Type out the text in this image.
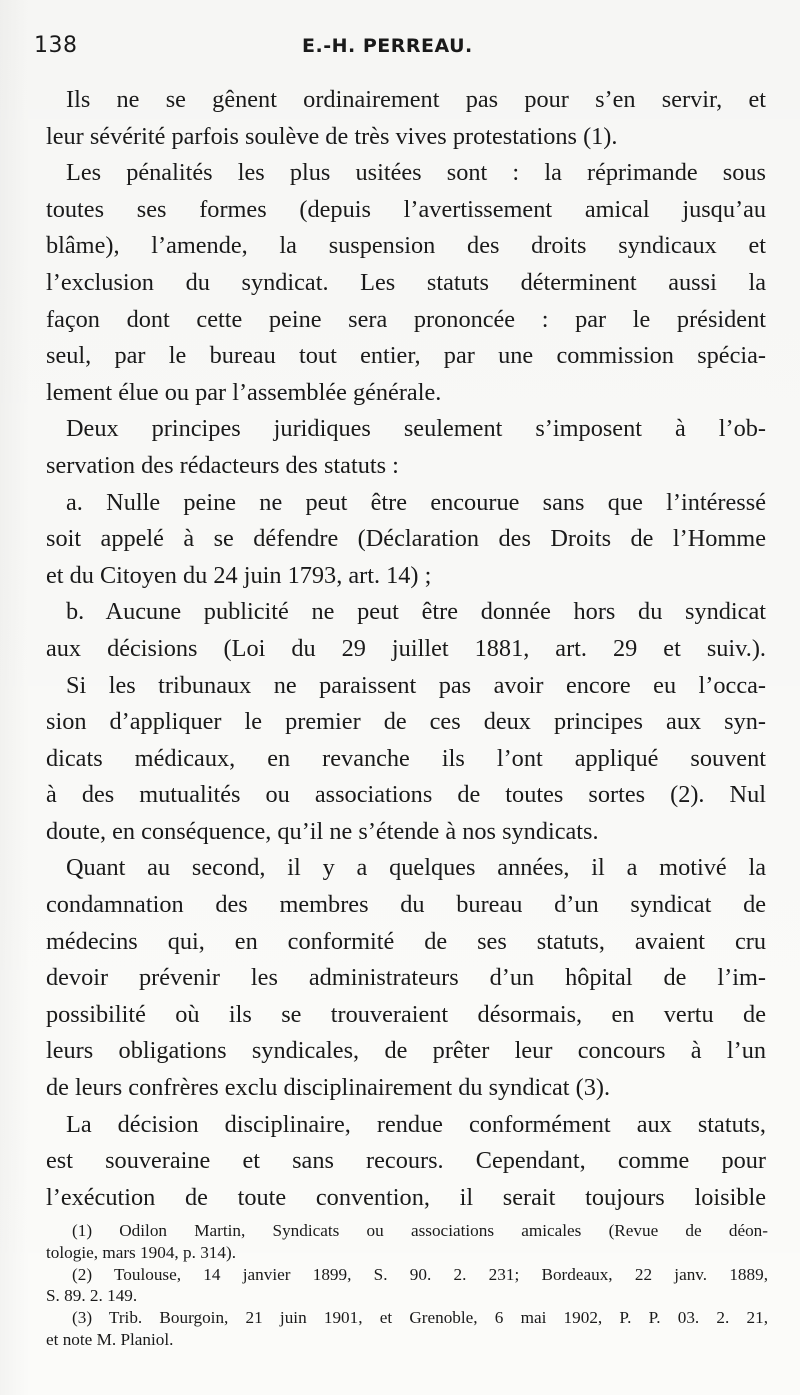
138	E.-H. PERREAU.
Ils ne se gênent ordinairement pas pour s’en servir, et
leur sévérité parfois soulève de très vives protestations (1).
Les pénalités les plus usitées sont : la réprimande sous
toutes ses formes (depuis l’avertissement amical jusqu’au
blâme), l’amende, la suspension des droits syndicaux et
l’exclusion du syndicat. Les statuts déterminent aussi la
façon dont cette peine sera prononcée : par le président
seul, par le bureau tout entier, par une commission spécia-
lement élue ou par l’assemblée générale.
Deux principes juridiques seulement s’imposent à l’ob-
servation des rédacteurs des statuts :
a. Nulle peine ne peut être encourue sans que l’intéressé
soit appelé à se défendre (Déclaration des Droits de l’Homme
et du Citoyen du 24 juin 1793, art. 14) ;
b. Aucune publicité ne peut être donnée hors du syndicat
aux décisions (Loi du 29 juillet 1881, art. 29 et suiv.).
Si les tribunaux ne paraissent pas avoir encore eu l’occa-
sion d’appliquer le premier de ces deux principes aux syn-
dicats médicaux, en revanche ils l’ont appliqué souvent
à des mutualités ou associations de toutes sortes (2). Nul
doute, en conséquence, qu’il ne s’étende à nos syndicats.
Quant au second, il y a quelques années, il a motivé la
condamnation des membres du bureau d’un syndicat de
médecins qui, en conformité de ses statuts, avaient cru
devoir prévenir les administrateurs d’un hôpital de l’im-
possibilité où ils se trouveraient désormais, en vertu de
leurs obligations syndicales, de prêter leur concours à l’un
de leurs confrères exclu disciplinairement du syndicat (3).
La décision disciplinaire, rendue conformément aux statuts,
est souveraine et sans recours. Cependant, comme pour
l’exécution de toute convention, il serait toujours loisible
(1) Odilon Martin, Syndicats ou associations amicales (Revue de déon-
tologie, mars 1904, p. 314).
(2) Toulouse, 14 janvier 1899, S. 90. 2. 231; Bordeaux, 22 janv. 1889,
S. 89. 2. 149.
(3) Trib. Bourgoin, 21 juin 1901, et Grenoble, 6 mai 1902, P. P. 03. 2. 21,
et note M. Planiol.
